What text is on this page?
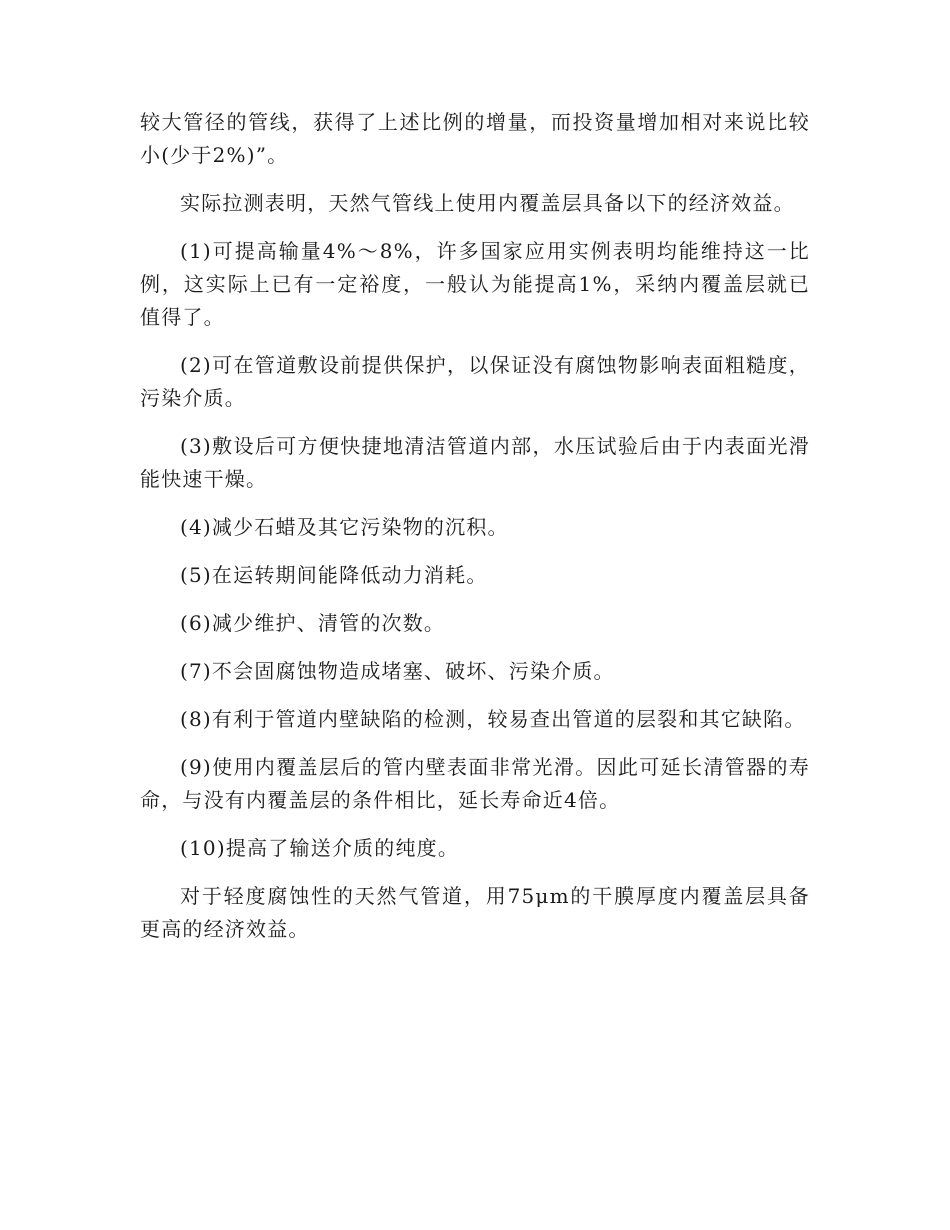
较大管径的管线，获得了上述比例的增量，而投资量增加相对来说比较小(少于2%)”。

实际拉测表明，天然气管线上使用内覆盖层具备以下的经济效益。

(1)可提高输量4%～8%，许多国家应用实例表明均能维持这一比例，这实际上已有一定裕度，一般认为能提高1%，采纳内覆盖层就已值得了。

(2)可在管道敷设前提供保护，以保证没有腐蚀物影响表面粗糙度，污染介质。

(3)敷设后可方便快捷地清洁管道内部，水压试验后由于内表面光滑能快速干燥。

(4)减少石蜡及其它污染物的沉积。

(5)在运转期间能降低动力消耗。

(6)减少维护、清管的次数。

(7)不会固腐蚀物造成堵塞、破坏、污染介质。

(8)有利于管道内壁缺陷的检测，较易查出管道的层裂和其它缺陷。

(9)使用内覆盖层后的管内壁表面非常光滑。因此可延长清管器的寿命，与没有内覆盖层的条件相比，延长寿命近4倍。

(10)提高了输送介质的纯度。

对于轻度腐蚀性的天然气管道，用75μm的干膜厚度内覆盖层具备更高的经济效益。
